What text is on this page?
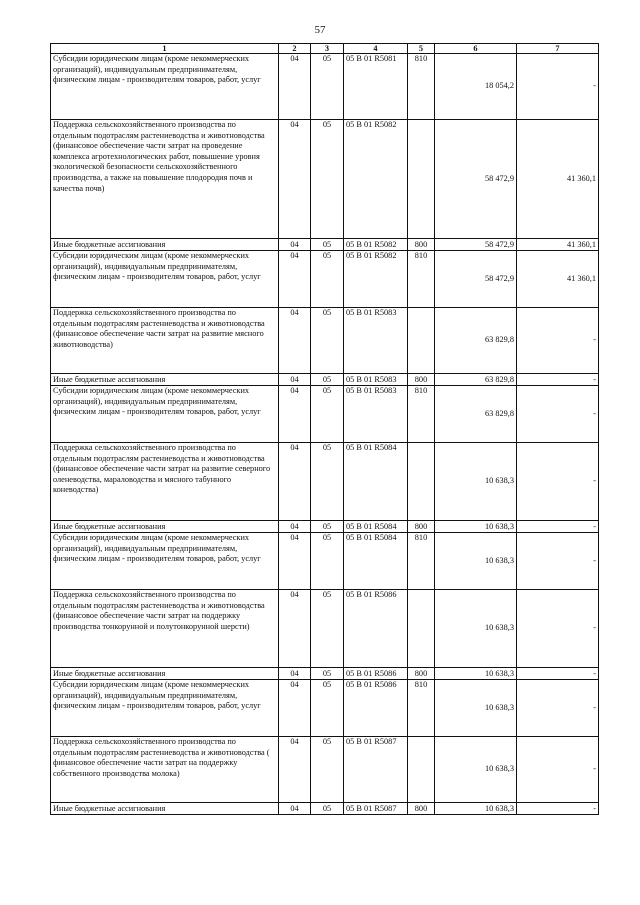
57
1	2	3	4	5	6	7
Субсидии юридическим лицам (кроме некоммерческих организаций), индивидуальным предпринимателям, физическим лицам - производителям товаров, работ, услуг	04	05	05 В 01 R5081	810	18 054,2	-
Поддержка сельскохозяйственного производства по отдельным подотраслям растениеводства и животноводства (финансовое обеспечение части затрат на проведение комплекса агротехнологических работ, повышение уровня экологической безопасности сельскохозяйственного производства, а также на повышение плодородия почв и качества почв)	04	05	05 В 01 R5082		58 472,9	41 360,1
Иные бюджетные ассигнования	04	05	05 В 01 R5082	800	58 472,9	41 360,1
Субсидии юридическим лицам (кроме некоммерческих организаций), индивидуальным предпринимателям, физическим лицам - производителям товаров, работ, услуг	04	05	05 В 01 R5082	810	58 472,9	41 360,1
Поддержка сельскохозяйственного производства по отдельным подотраслям растениеводства и животноводства (финансовое обеспечение части затрат на развитие мясного животноводства)	04	05	05 В 01 R5083		63 829,8	-
Иные бюджетные ассигнования	04	05	05 В 01 R5083	800	63 829,8	-
Субсидии юридическим лицам (кроме некоммерческих организаций), индивидуальным предпринимателям, физическим лицам - производителям товаров, работ, услуг	04	05	05 В 01 R5083	810	63 829,8	-
Поддержка сельскохозяйственного производства по отдельным подотраслям растениеводства и животноводства (финансовое обеспечение части затрат на развитие северного оленеводства, мараловодства и мясного табунного коневодства)	04	05	05 В 01 R5084		10 638,3	-
Иные бюджетные ассигнования	04	05	05 В 01 R5084	800	10 638,3	-
Субсидии юридическим лицам (кроме некоммерческих организаций), индивидуальным предпринимателям, физическим лицам - производителям товаров, работ, услуг	04	05	05 В 01 R5084	810	10 638,3	-
Поддержка сельскохозяйственного производства по отдельным подотраслям растениеводства и животноводства (финансовое обеспечение части затрат на поддержку производства тонкорунной и полутонкорунной шерсти)	04	05	05 В 01 R5086		10 638,3	-
Иные бюджетные ассигнования	04	05	05 В 01 R5086	800	10 638,3	-
Субсидии юридическим лицам (кроме некоммерческих организаций), индивидуальным предпринимателям, физическим лицам - производителям товаров, работ, услуг	04	05	05 В 01 R5086	810	10 638,3	-
Поддержка сельскохозяйственного производства по отдельным подотраслям растениеводства и животноводства ( финансовое обеспечение части затрат на поддержку собственного производства молока)	04	05	05 В 01 R5087		10 638,3	-
Иные бюджетные ассигнования	04	05	05 В 01 R5087	800	10 638,3	-
